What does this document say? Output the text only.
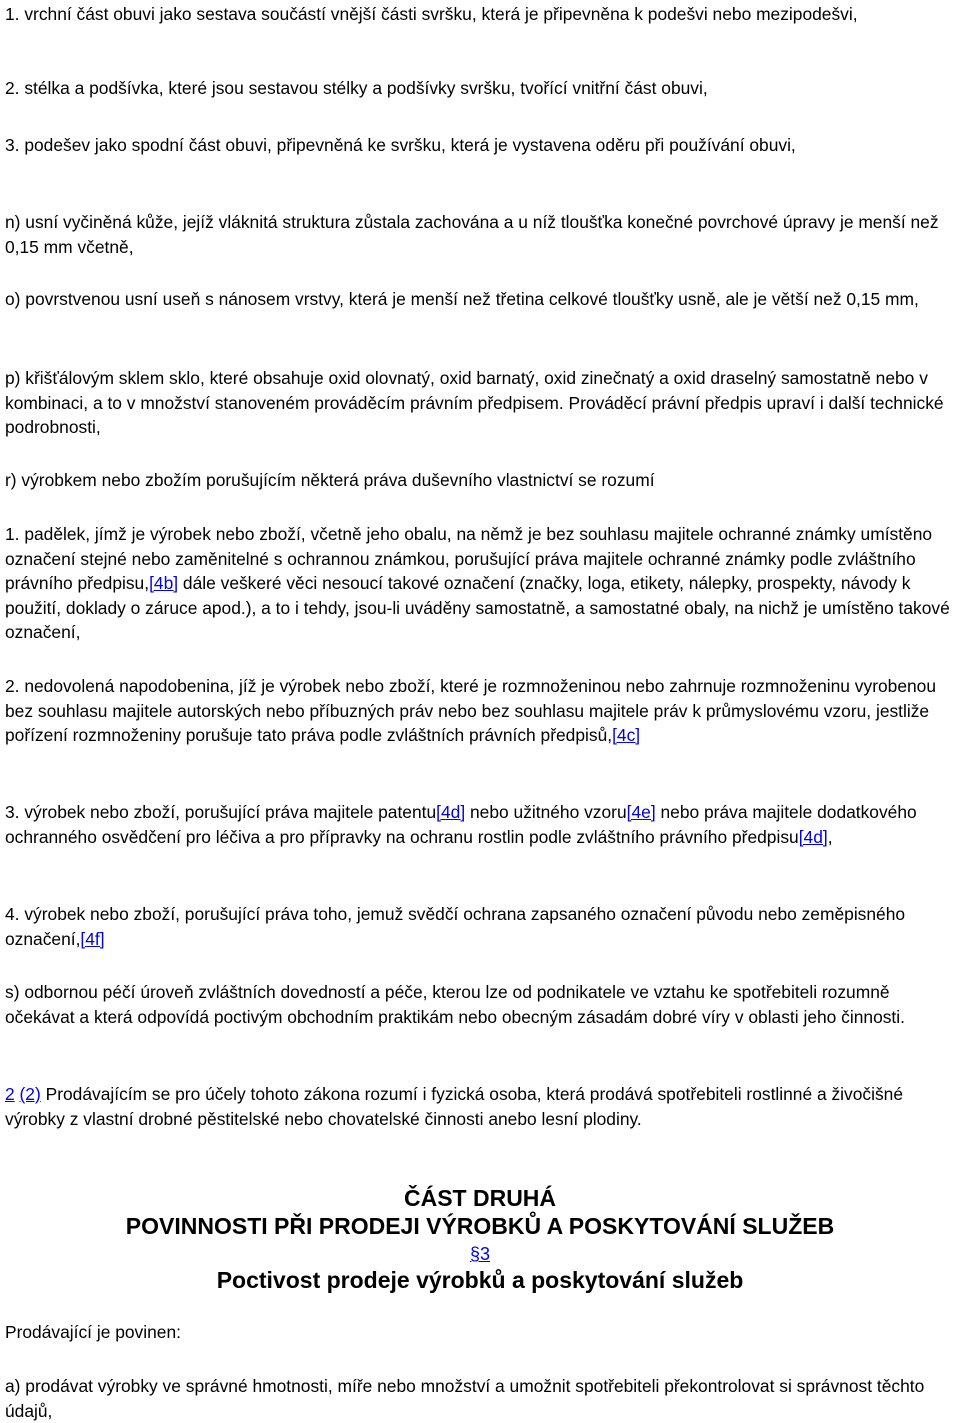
1. vrchní část obuvi jako sestava součástí vnější části svršku, která je připevněna k podešvi nebo mezipodešvi,

2. stélka a podšívka, které jsou sestavou stélky a podšívky svršku, tvořící vnitřní část obuvi,

3. podešev jako spodní část obuvi, připevněná ke svršku, která je vystavena oděru při používání obuvi,

n) usní vyčiněná kůže, jejíž vláknitá struktura zůstala zachována a u níž tloušťka konečné povrchové úpravy je menší než 0,15 mm včetně,

o) povrstvenou usní useň s nánosem vrstvy, která je menší než třetina celkové tloušťky usně, ale je větší než 0,15 mm,

p) křišťálovým sklem sklo, které obsahuje oxid olovnatý, oxid barnatý, oxid zinečnatý a oxid draselný samostatně nebo v kombinaci, a to v množství stanoveném prováděcím právním předpisem. Prováděcí právní předpis upraví i další technické podrobnosti,

r) výrobkem nebo zbožím porušujícím některá práva duševního vlastnictví se rozumí

1. padělek, jímž je výrobek nebo zboží, včetně jeho obalu, na němž je bez souhlasu majitele ochranné známky umístěno označení stejné nebo zaměnitelné s ochrannou známkou, porušující práva majitele ochranné známky podle zvláštního právního předpisu,[4b] dále veškeré věci nesoucí takové označení (značky, loga, etikety, nálepky, prospekty, návody k použití, doklady o záruce apod.), a to i tehdy, jsou-li uváděny samostatně, a samostatné obaly, na nichž je umístěno takové označení,

2. nedovolená napodobenina, jíž je výrobek nebo zboží, které je rozmnoženinou nebo zahrnuje rozmnoženinu vyrobenou bez souhlasu majitele autorských nebo příbuzných práv nebo bez souhlasu majitele práv k průmyslovému vzoru, jestliže pořízení rozmnoženiny porušuje tato práva podle zvláštních právních předpisů,[4c]

3. výrobek nebo zboží, porušující práva majitele patentu[4d] nebo užitného vzoru[4e] nebo práva majitele dodatkového ochranného osvědčení pro léčiva a pro přípravky na ochranu rostlin podle zvláštního právního předpisu[4d],

4. výrobek nebo zboží, porušující práva toho, jemuž svědčí ochrana zapsaného označení původu nebo zeměpisného označení,[4f]

s) odbornou péčí úroveň zvláštních dovedností a péče, kterou lze od podnikatele ve vztahu ke spotřebiteli rozumně očekávat a která odpovídá poctivým obchodním praktikám nebo obecným zásadám dobré víry v oblasti jeho činnosti.

2 (2) Prodávajícím se pro účely tohoto zákona rozumí i fyzická osoba, která prodává spotřebiteli rostlinné a živočišné výrobky z vlastní drobné pěstitelské nebo chovatelské činnosti anebo lesní plodiny.

ČÁST DRUHÁ
POVINNOSTI PŘI PRODEJI VÝROBKŮ A POSKYTOVÁNÍ SLUŽEB
§3
Poctivost prodeje výrobků a poskytování služeb

Prodávající je povinen:

a) prodávat výrobky ve správné hmotnosti, míře nebo množství a umožnit spotřebiteli překontrolovat si správnost těchto údajů,
